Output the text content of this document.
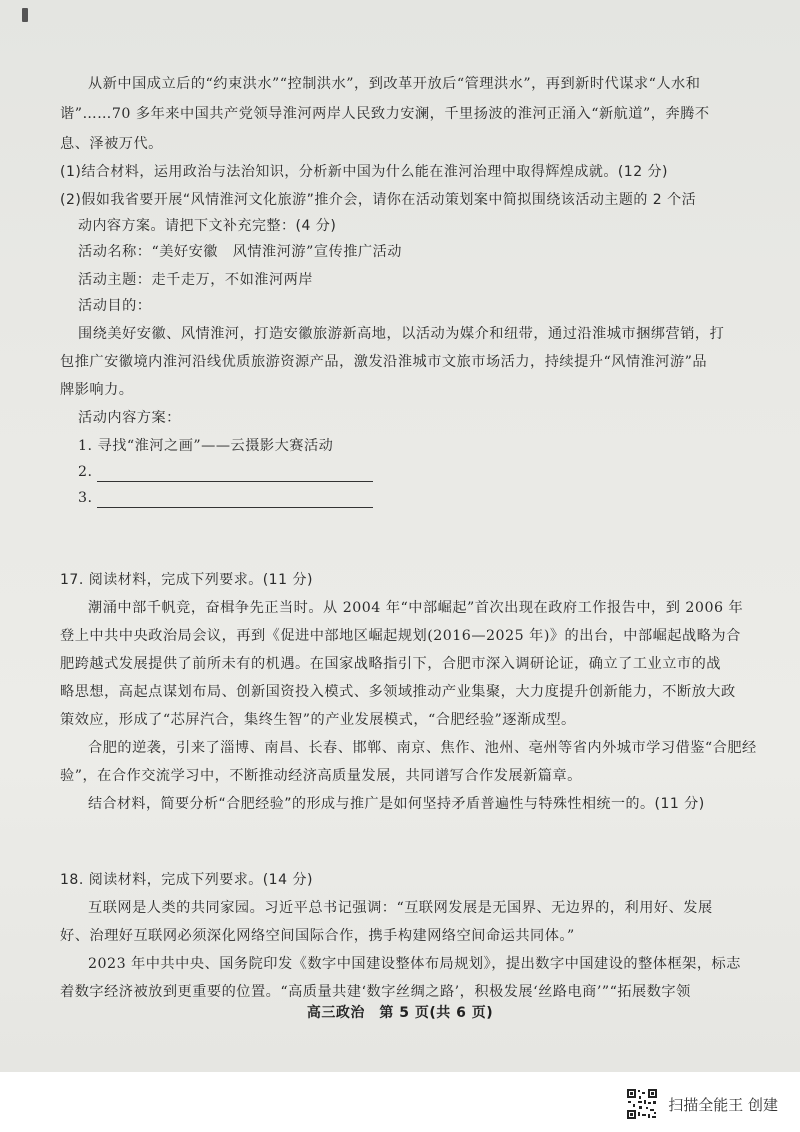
从新中国成立后的“约束洪水”“控制洪水”，到改革开放后“管理洪水”，再到新时代谋求“人水和
谐”……70 多年来中国共产党领导淮河两岸人民致力安澜，千里扬波的淮河正涌入“新航道”，奔腾不
息、泽被万代。
(1)结合材料，运用政治与法治知识，分析新中国为什么能在淮河治理中取得辉煌成就。(12 分)
(2)假如我省要开展“风情淮河文化旅游”推介会，请你在活动策划案中简拟围绕该活动主题的 2 个活
动内容方案。请把下文补充完整：(4 分)
活动名称：“美好安徽　风情淮河游”宣传推广活动
活动主题：走千走万，不如淮河两岸
活动目的：
围绕美好安徽、风情淮河，打造安徽旅游新高地，以活动为媒介和纽带，通过沿淮城市捆绑营销，打
包推广安徽境内淮河沿线优质旅游资源产品，激发沿淮城市文旅市场活力，持续提升“风情淮河游”品
牌影响力。
活动内容方案：
1. 寻找“淮河之画”——云摄影大赛活动
2.
3.
17. 阅读材料，完成下列要求。(11 分)
潮涌中部千帆竞，奋楫争先正当时。从 2004 年“中部崛起”首次出现在政府工作报告中，到 2006 年
登上中共中央政治局会议，再到《促进中部地区崛起规划(2016—2025 年)》的出台，中部崛起战略为合
肥跨越式发展提供了前所未有的机遇。在国家战略指引下，合肥市深入调研论证，确立了工业立市的战
略思想，高起点谋划布局、创新国资投入模式、多领域推动产业集聚，大力度提升创新能力，不断放大政
策效应，形成了“芯屏汽合，集终生智”的产业发展模式，“合肥经验”逐渐成型。
合肥的逆袭，引来了淄博、南昌、长春、邯郸、南京、焦作、池州、亳州等省内外城市学习借鉴“合肥经
验”，在合作交流学习中，不断推动经济高质量发展，共同谱写合作发展新篇章。
结合材料，简要分析“合肥经验”的形成与推广是如何坚持矛盾普遍性与特殊性相统一的。(11 分)
18. 阅读材料，完成下列要求。(14 分)
互联网是人类的共同家园。习近平总书记强调：“互联网发展是无国界、无边界的，利用好、发展
好、治理好互联网必须深化网络空间国际合作，携手构建网络空间命运共同体。”
2023 年中共中央、国务院印发《数字中国建设整体布局规划》，提出数字中国建设的整体框架，标志
着数字经济被放到更重要的位置。“高质量共建‘数字丝绸之路’，积极发展‘丝路电商’”“拓展数字领
高三政治　第 5 页(共 6 页)
扫描全能王 创建
